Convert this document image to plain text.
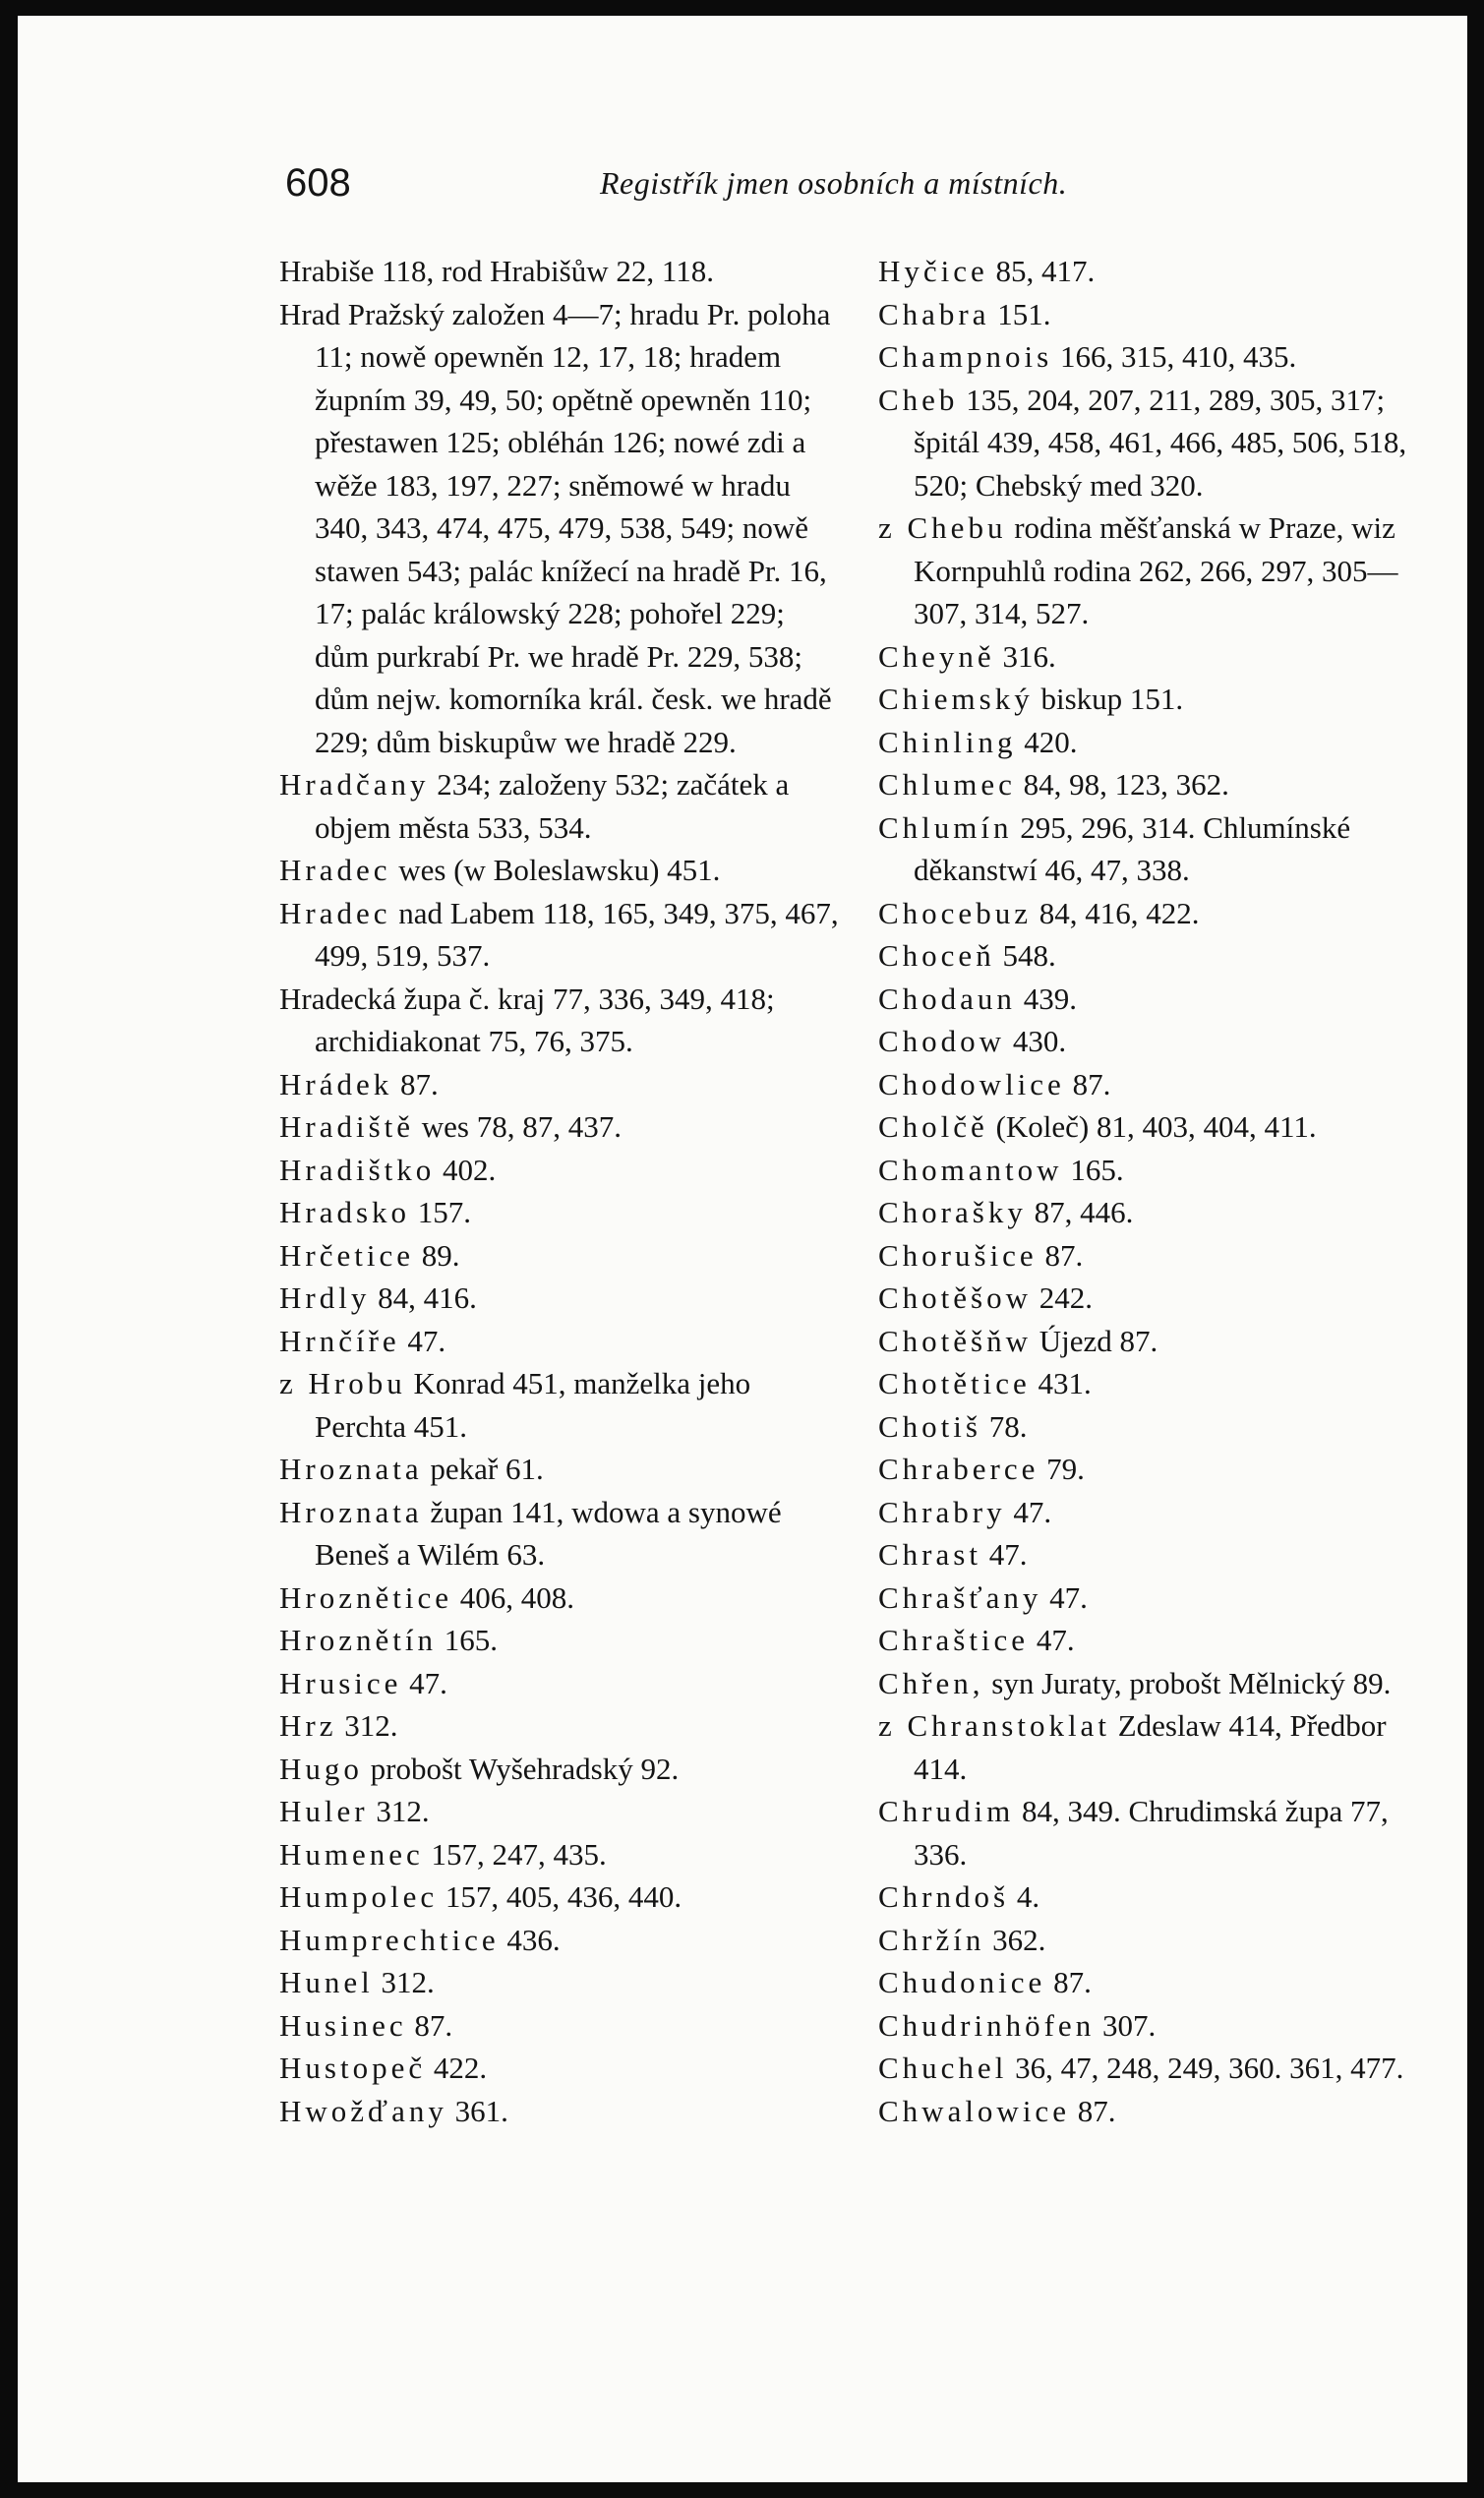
608	Registřík jmen osobních a místních.

Hrabiše 118, rod Hrabišůw 22, 118.

Hrad Pražský založen 4—7; hradu Pr. poloha 11; nowě opewněn 12, 17, 18; hradem župním 39, 49, 50; opětně opewněn 110; přestawen 125; obléhán 126; nowé zdi a wěže 183, 197, 227; sněmowé w hradu 340, 343, 474, 475, 479, 538, 549; nowě stawen 543; palác knížecí na hradě Pr. 16, 17; palác králowský 228; pohořel 229; dům purkrabí Pr. we hradě Pr. 229, 538; dům nejw. komorníka král. česk. we hradě 229; dům biskupůw we hradě 229.

Hradčany 234; založeny 532; začátek a objem města 533, 534.

Hradec wes (w Boleslawsku) 451.

Hradec nad Labem 118, 165, 349, 375, 467, 499, 519, 537.

Hradecká župa č. kraj 77, 336, 349, 418; archidiakonat 75, 76, 375.

Hrádek 87.

Hradiště wes 78, 87, 437.

Hradištko 402.

Hradsko 157.

Hrčetice 89.

Hrdly 84, 416.

Hrnčíře 47.

z Hrobu Konrad 451, manželka jeho Perchta 451.

Hroznata pekař 61.

Hroznata župan 141, wdowa a synowé Beneš a Wilém 63.

Hroznětice 406, 408.

Hroznětín 165.

Hrusice 47.

Hrz 312.

Hugo probošt Wyšehradský 92.

Huler 312.

Humenec 157, 247, 435.

Humpolec 157, 405, 436, 440.

Humprechtice 436.

Hunel 312.

Husinec 87.

Hustopeč 422.

Hwožďany 361.

Hyčice 85, 417.

Chabra 151.

Champnois 166, 315, 410, 435.

Cheb 135, 204, 207, 211, 289, 305, 317; špitál 439, 458, 461, 466, 485, 506, 518, 520; Chebský med 320.

z Chebu rodina měšťanská w Praze, wiz Kornpuhlů rodina 262, 266, 297, 305—307, 314, 527.

Cheyně 316.

Chiemský biskup 151.

Chinling 420.

Chlumec 84, 98, 123, 362.

Chlumín 295, 296, 314. Chlumínské děkanstwí 46, 47, 338.

Chocebuz 84, 416, 422.

Choceň 548.

Chodaun 439.

Chodow 430.

Chodowlice 87.

Cholčě (Koleč) 81, 403, 404, 411.

Chomantow 165.

Chorašky 87, 446.

Chorušice 87.

Chotěšow 242.

Chotěšňw Újezd 87.

Chotětice 431.

Chotiš 78.

Chraberce 79.

Chrabry 47.

Chrast 47.

Chrašťany 47.

Chraštice 47.

Chřen, syn Juraty, probošt Mělnický 89.

z Chranstoklat Zdeslaw 414, Předbor 414.

Chrudim 84, 349. Chrudimská župa 77, 336.

Chrndoš 4.

Chržín 362.

Chudonice 87.

Chudrinhöfen 307.

Chuchel 36, 47, 248, 249, 360. 361, 477.

Chwalowice 87.
